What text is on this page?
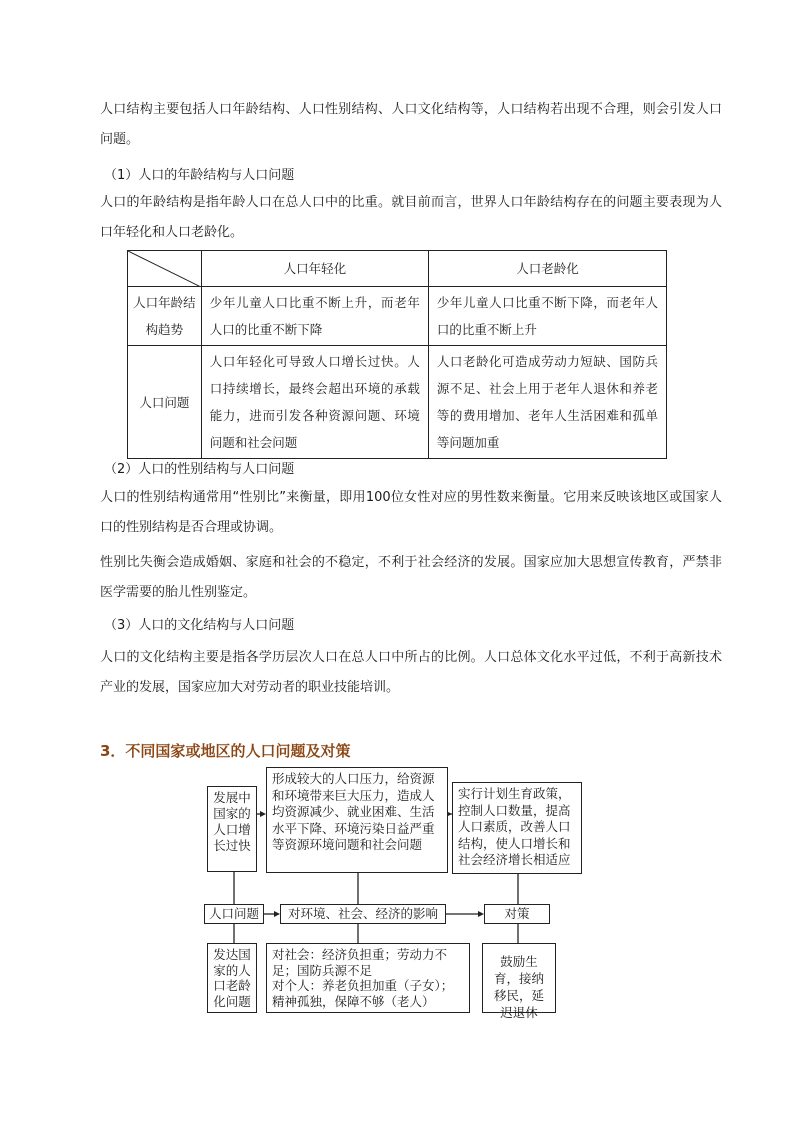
人口结构主要包括人口年龄结构、人口性别结构、人口文化结构等，人口结构若出现不合理，则会引发人口问题。

（1）人口的年龄结构与人口问题

人口的年龄结构是指年龄人口在总人口中的比重。就目前而言，世界人口年龄结构存在的问题主要表现为人口年轻化和人口老龄化。

	人口年轻化	人口老龄化
人口年龄结构趋势	少年儿童人口比重不断上升，而老年人口的比重不断下降	少年儿童人口比重不断下降，而老年人口的比重不断上升
人口问题	人口年轻化可导致人口增长过快。人口持续增长，最终会超出环境的承载能力，进而引发各种资源问题、环境问题和社会问题	人口老龄化可造成劳动力短缺、国防兵源不足、社会上用于老年人退休和养老等的费用增加、老年人生活困难和孤单等问题加重

（2）人口的性别结构与人口问题

人口的性别结构通常用“性别比”来衡量，即用100位女性对应的男性数来衡量。它用来反映该地区或国家人口的性别结构是否合理或协调。

性别比失衡会造成婚姻、家庭和社会的不稳定，不利于社会经济的发展。国家应加大思想宣传教育，严禁非医学需要的胎儿性别鉴定。

（3）人口的文化结构与人口问题

人口的文化结构主要是指各学历层次人口在总人口中所占的比例。人口总体文化水平过低，不利于高新技术产业的发展，国家应加大对劳动者的职业技能培训。

3．不同国家或地区的人口问题及对策
发展中国家的人口增长过快
形成较大的人口压力，给资源和环境带来巨大压力，造成人均资源减少、就业困难、生活水平下降、环境污染日益严重等资源环境问题和社会问题
实行计划生育政策，控制人口数量，提高人口素质，改善人口结构，使人口增长和社会经济增长相适应
人口问题	对环境、社会、经济的影响	对策
发达国家的人口老龄化问题
对社会：经济负担重；劳动力不足；国防兵源不足
对个人：养老负担加重（子女）；精神孤独，保障不够（老人）
鼓励生育，接纳移民，延迟退休
